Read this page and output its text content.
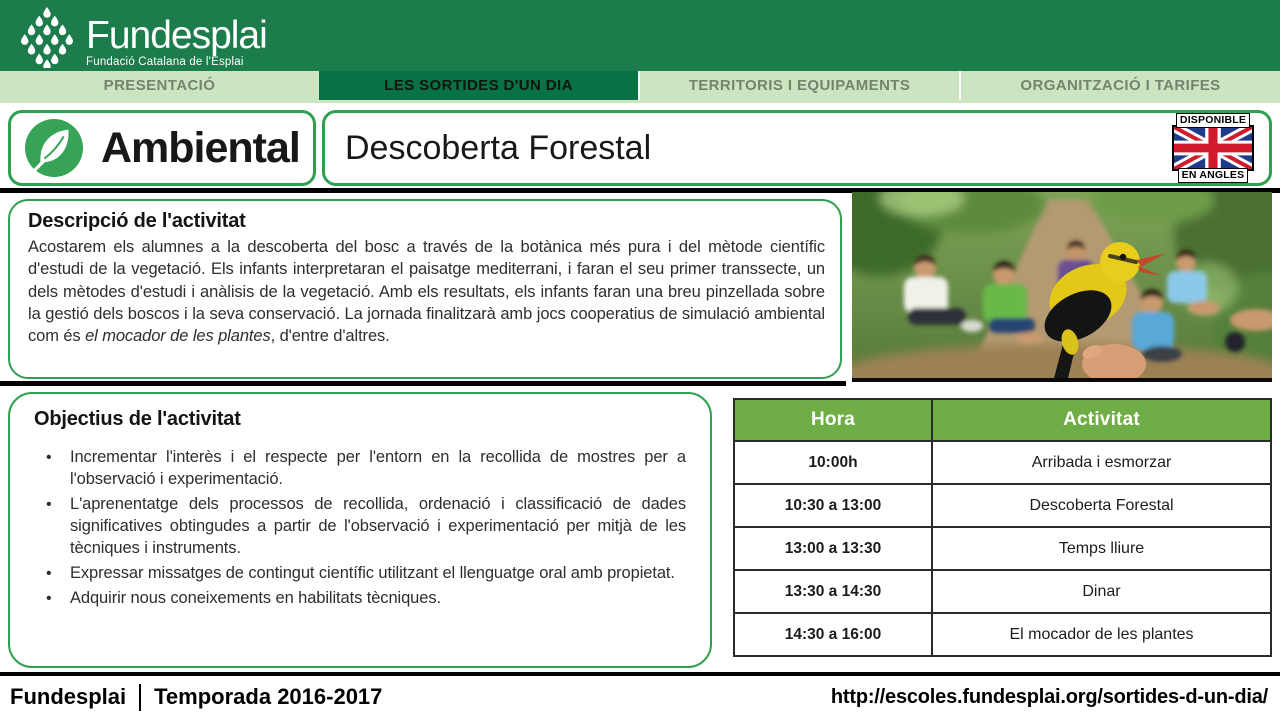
Fundesplai
Fundació Catalana de l'Esplai
PRESENTACIÓ	LES SORTIDES D'UN DIA	TERRITORIS I EQUIPAMENTS	ORGANITZACIÓ I TARIFES
Ambiental Descoberta Forestal
DISPONIBLE
EN ANGLES
Descripció de l'activitat

Acostarem els alumnes a la descoberta del bosc a través de la botànica més pura i del mètode científic d'estudi de la vegetació. Els infants interpretaran el paisatge mediterrani, i faran el seu primer transsecte, un dels mètodes d'estudi i anàlisis de la vegetació. Amb els resultats, els infants faran una breu pinzellada sobre la gestió dels boscos i la seva conservació. La jornada finalitzarà amb jocs cooperatius de simulació ambiental com és el mocador de les plantes, d'entre d'altres.

Objectius de l'activitat
• Incrementar l'interès i el respecte per l'entorn en la recollida de mostres per a l'observació i experimentació.
• L'aprenentatge dels processos de recollida, ordenació i classificació de dades significatives obtingudes a partir de l'observació i experimentació per mitjà de les tècniques i instruments.
• Expressar missatges de contingut científic utilitzant el llenguatge oral amb propietat.
• Adquirir nous coneixements en habilitats tècniques.
Hora	Activitat
10:00h	Arribada i esmorzar
10:30 a 13:00	Descoberta Forestal
13:00 a 13:30	Temps lliure
13:30 a 14:30	Dinar
14:30 a 16:00	El mocador de les plantes
Fundesplai Temporada 2016-2017	http://escoles.fundesplai.org/sortides-d-un-dia/
